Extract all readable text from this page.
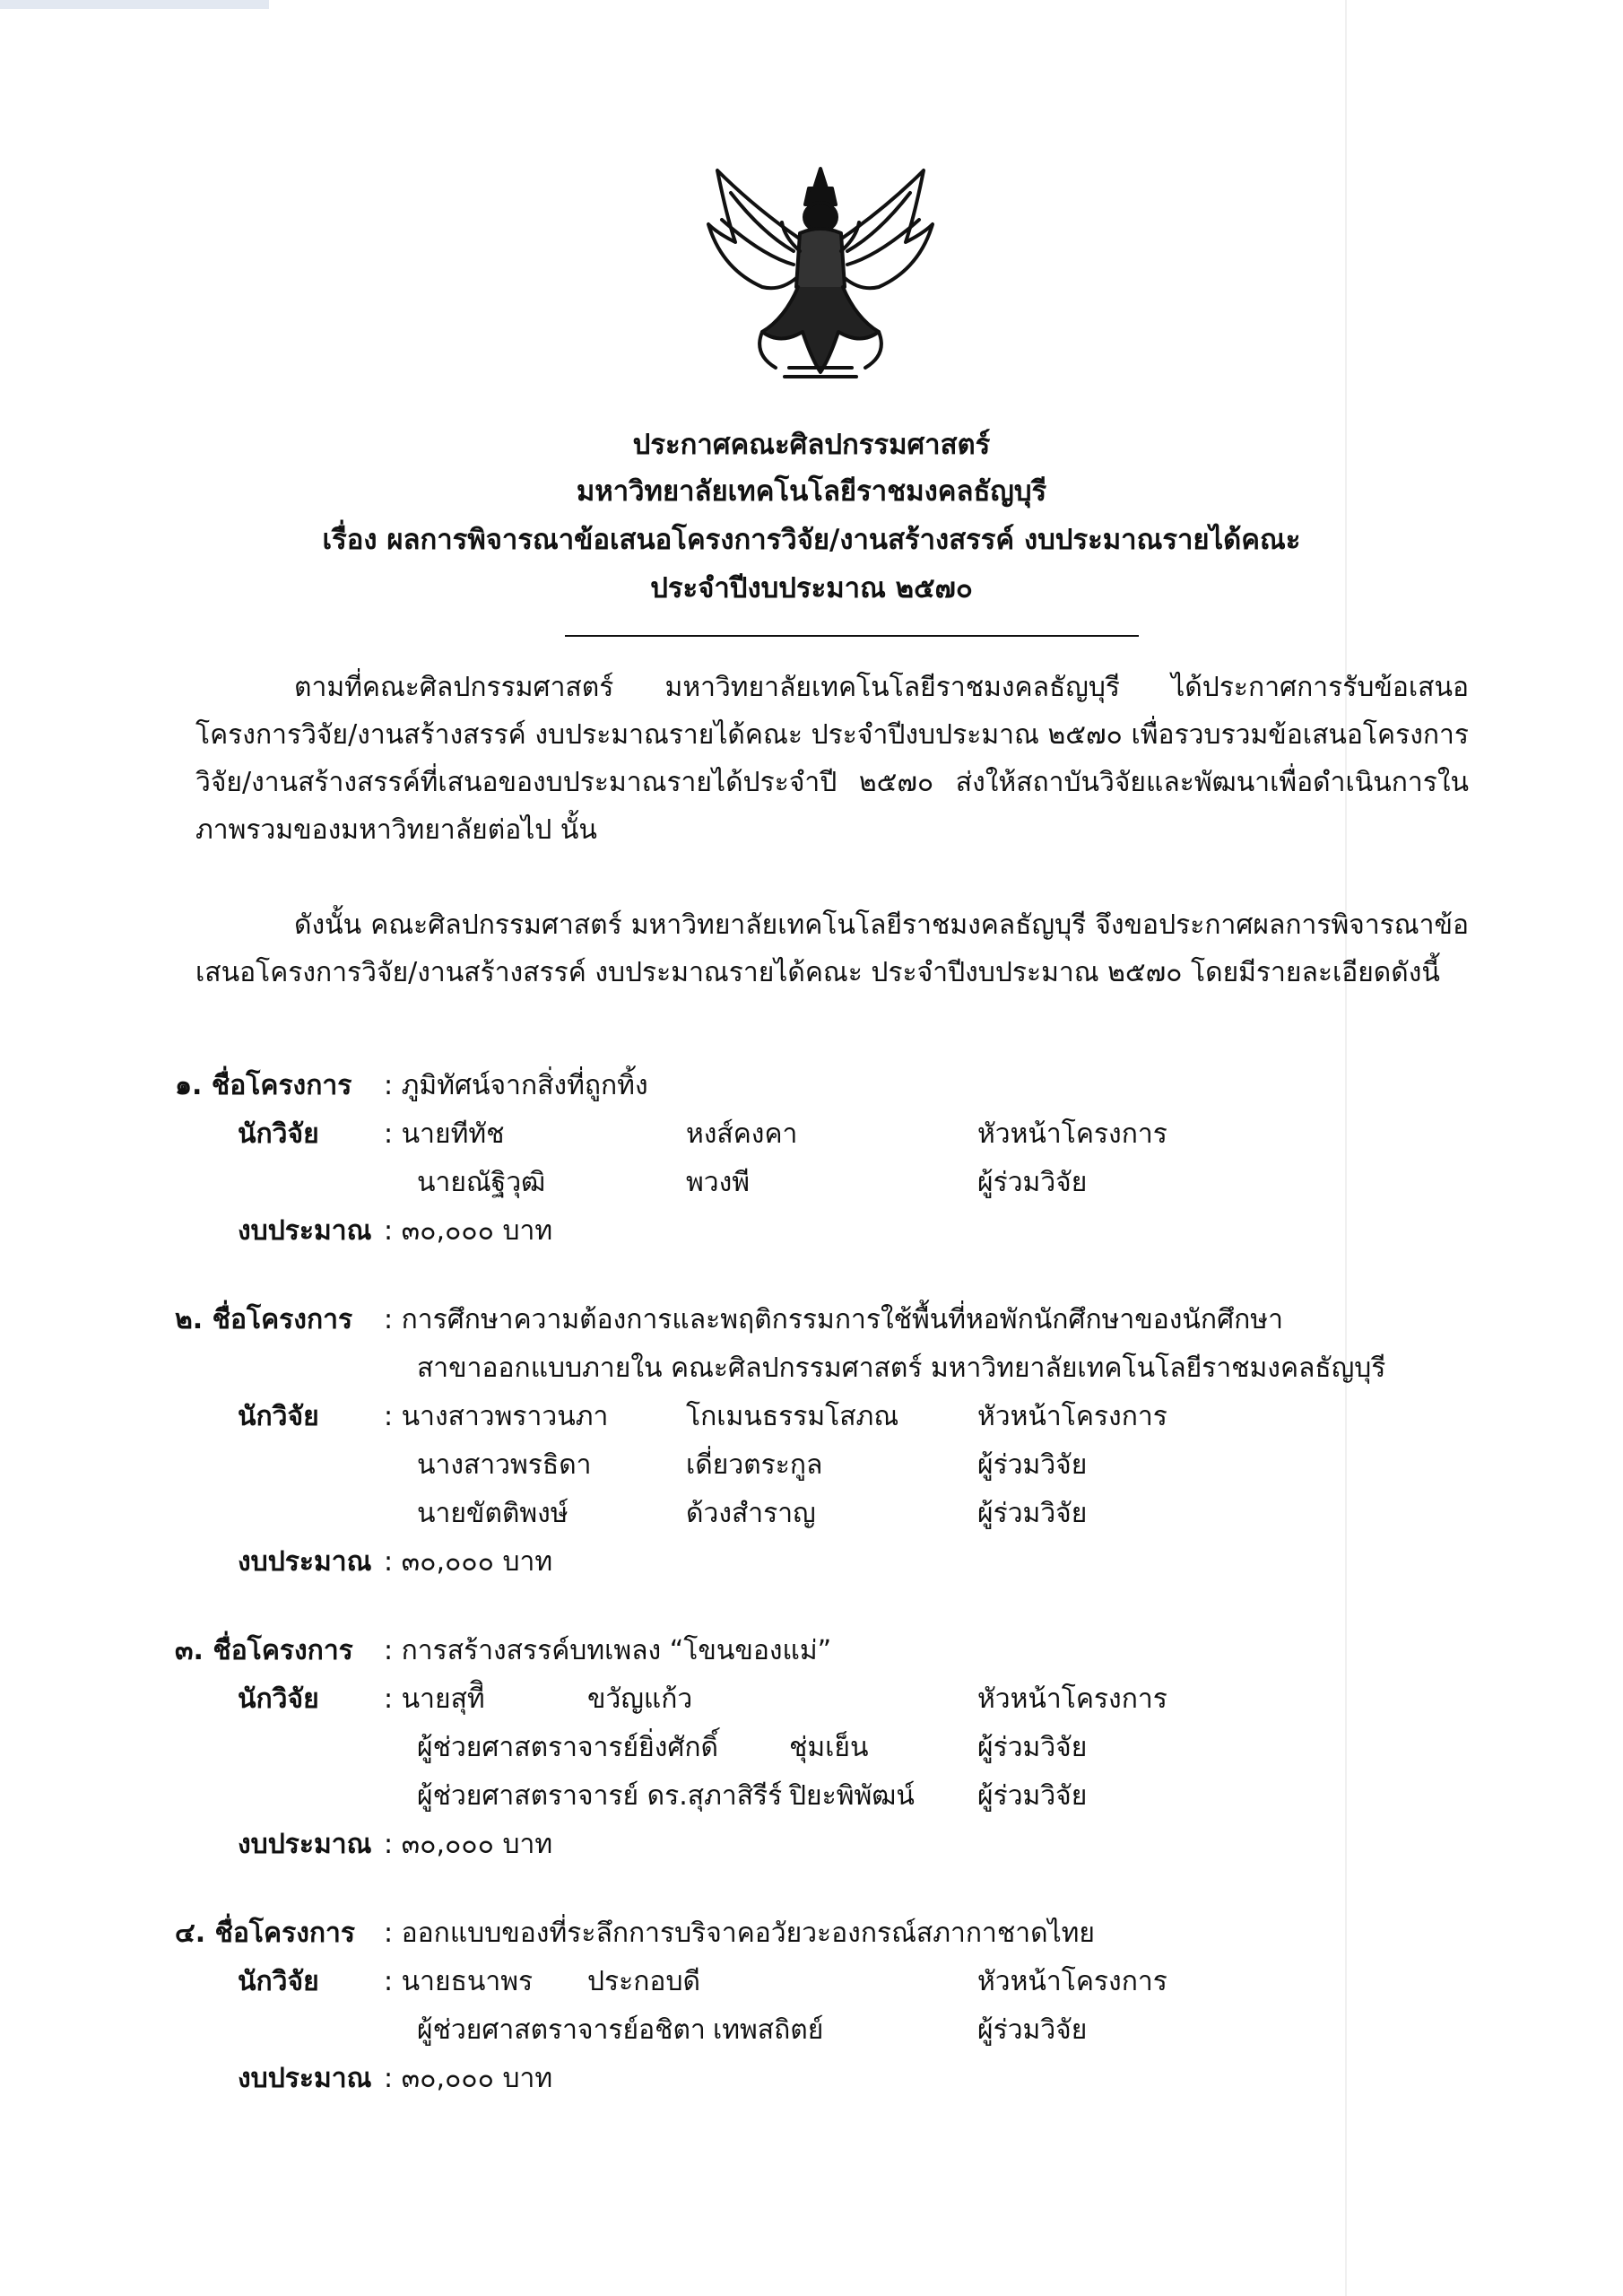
ประกาศคณะศิลปกรรมศาสตร์
มหาวิทยาลัยเทคโนโลยีราชมงคลธัญบุรี
เรื่อง ผลการพิจารณาข้อเสนอโครงการวิจัย/งานสร้างสรรค์ งบประมาณรายได้คณะ
ประจำปีงบประมาณ ๒๕๗๐
ตามที่คณะศิลปกรรมศาสตร์ มหาวิทยาลัยเทคโนโลยีราชมงคลธัญบุรี ได้ประกาศการรับข้อเสนอโครงการวิจัย/งานสร้างสรรค์ งบประมาณรายได้คณะ ประจำปีงบประมาณ ๒๕๗๐ เพื่อรวบรวมข้อเสนอโครงการวิจัย/งานสร้างสรรค์ที่เสนอของบประมาณรายได้ประจำปี ๒๕๗๐ ส่งให้สถาบันวิจัยและพัฒนาเพื่อดำเนินการในภาพรวมของมหาวิทยาลัยต่อไป นั้น
ดังนั้น คณะศิลปกรรมศาสตร์ มหาวิทยาลัยเทคโนโลยีราชมงคลธัญบุรี จึงขอประกาศผลการพิจารณาข้อเสนอโครงการวิจัย/งานสร้างสรรค์ งบประมาณรายได้คณะ ประจำปีงบประมาณ ๒๕๗๐ โดยมีรายละเอียดดังนี้
๑. ชื่อโครงการ : ภูมิทัศน์จากสิ่งที่ถูกทิ้ง
นักวิจัย : นายทีทัช	หงส์คงคา	หัวหน้าโครงการ
นายณัฐิวุฒิ	พวงพี	ผู้ร่วมวิจัย
งบประมาณ : ๓๐,๐๐๐ บาท
๒. ชื่อโครงการ : การศึกษาความต้องการและพฤติกรรมการใช้พื้นที่หอพักนักศึกษาของนักศึกษา
สาขาออกแบบภายใน คณะศิลปกรรมศาสตร์ มหาวิทยาลัยเทคโนโลยีราชมงคลธัญบุรี
นักวิจัย : นางสาวพราวนภา	โกเมนธรรมโสภณ	หัวหน้าโครงการ
นางสาวพรธิดา	เดี่ยวตระกูล	ผู้ร่วมวิจัย
นายขัตติพงษ์	ด้วงสำราญ	ผู้ร่วมวิจัย
งบประมาณ : ๓๐,๐๐๐ บาท
๓. ชื่อโครงการ : การสร้างสรรค์บทเพลง “โขนของแม่”
นักวิจัย : นายสุทีิ	ขวัญแก้ว	หัวหน้าโครงการ
ผู้ช่วยศาสตราจารย์ยิ่งศักดิ์	ชุ่มเย็น	ผู้ร่วมวิจัย
ผู้ช่วยศาสตราจารย์ ดร.สุภาสิรีร์ ปิยะพิพัฒน์ ผู้ร่วมวิจัย
งบประมาณ : ๓๐,๐๐๐ บาท
๔. ชื่อโครงการ : ออกแบบของที่ระลึกการบริจาคอวัยวะองกรณ์สภากาชาดไทย
นักวิจัย : นายธนาพร ประกอบดี	หัวหน้าโครงการ
ผู้ช่วยศาสตราจารย์อชิตา เทพสถิตย์	ผู้ร่วมวิจัย
งบประมาณ : ๓๐,๐๐๐ บาท
